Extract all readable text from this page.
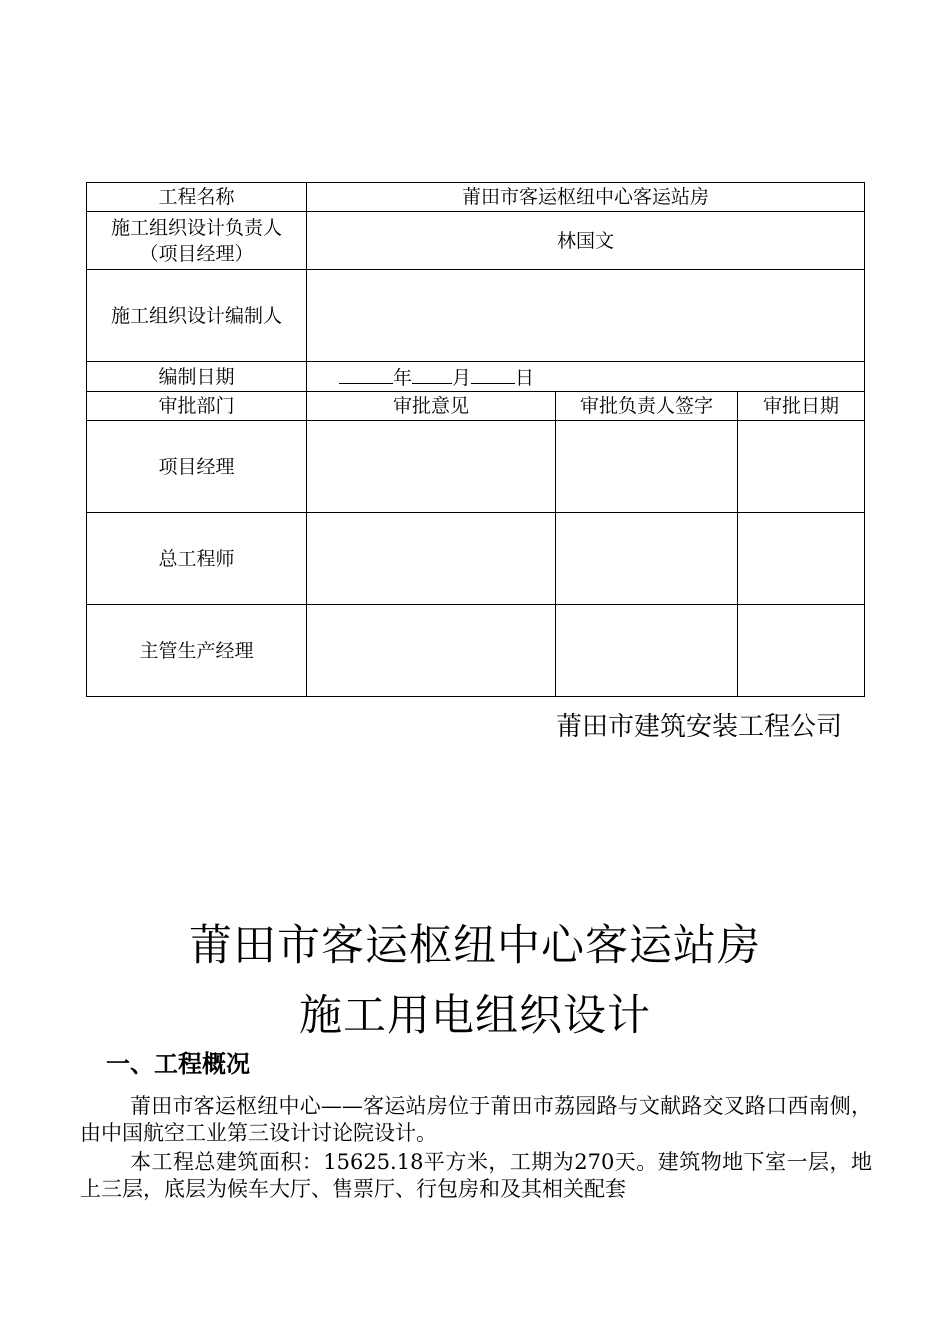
工程名称	莆田市客运枢纽中心客运站房		

施工组织设计负责人
（项目经理）	林国文		
施工组织设计编制人			
编制日期	年 月 日		
审批部门	审批意见	审批负责人签字	审批日期
项目经理			
总工程师			
主管生产经理			
莆田市建筑安装工程公司
莆田市客运枢纽中心客运站房
施工用电组织设计
一、工程概况

莆田市客运枢纽中心——客运站房位于莆田市荔园路与文献路交叉路口西南侧，由中国航空工业第三设计讨论院设计。

本工程总建筑面积：15625.18平方米，工期为270天。建筑物地下室一层，地上三层，底层为候车大厅、售票厅、行包房和及其相关配套
